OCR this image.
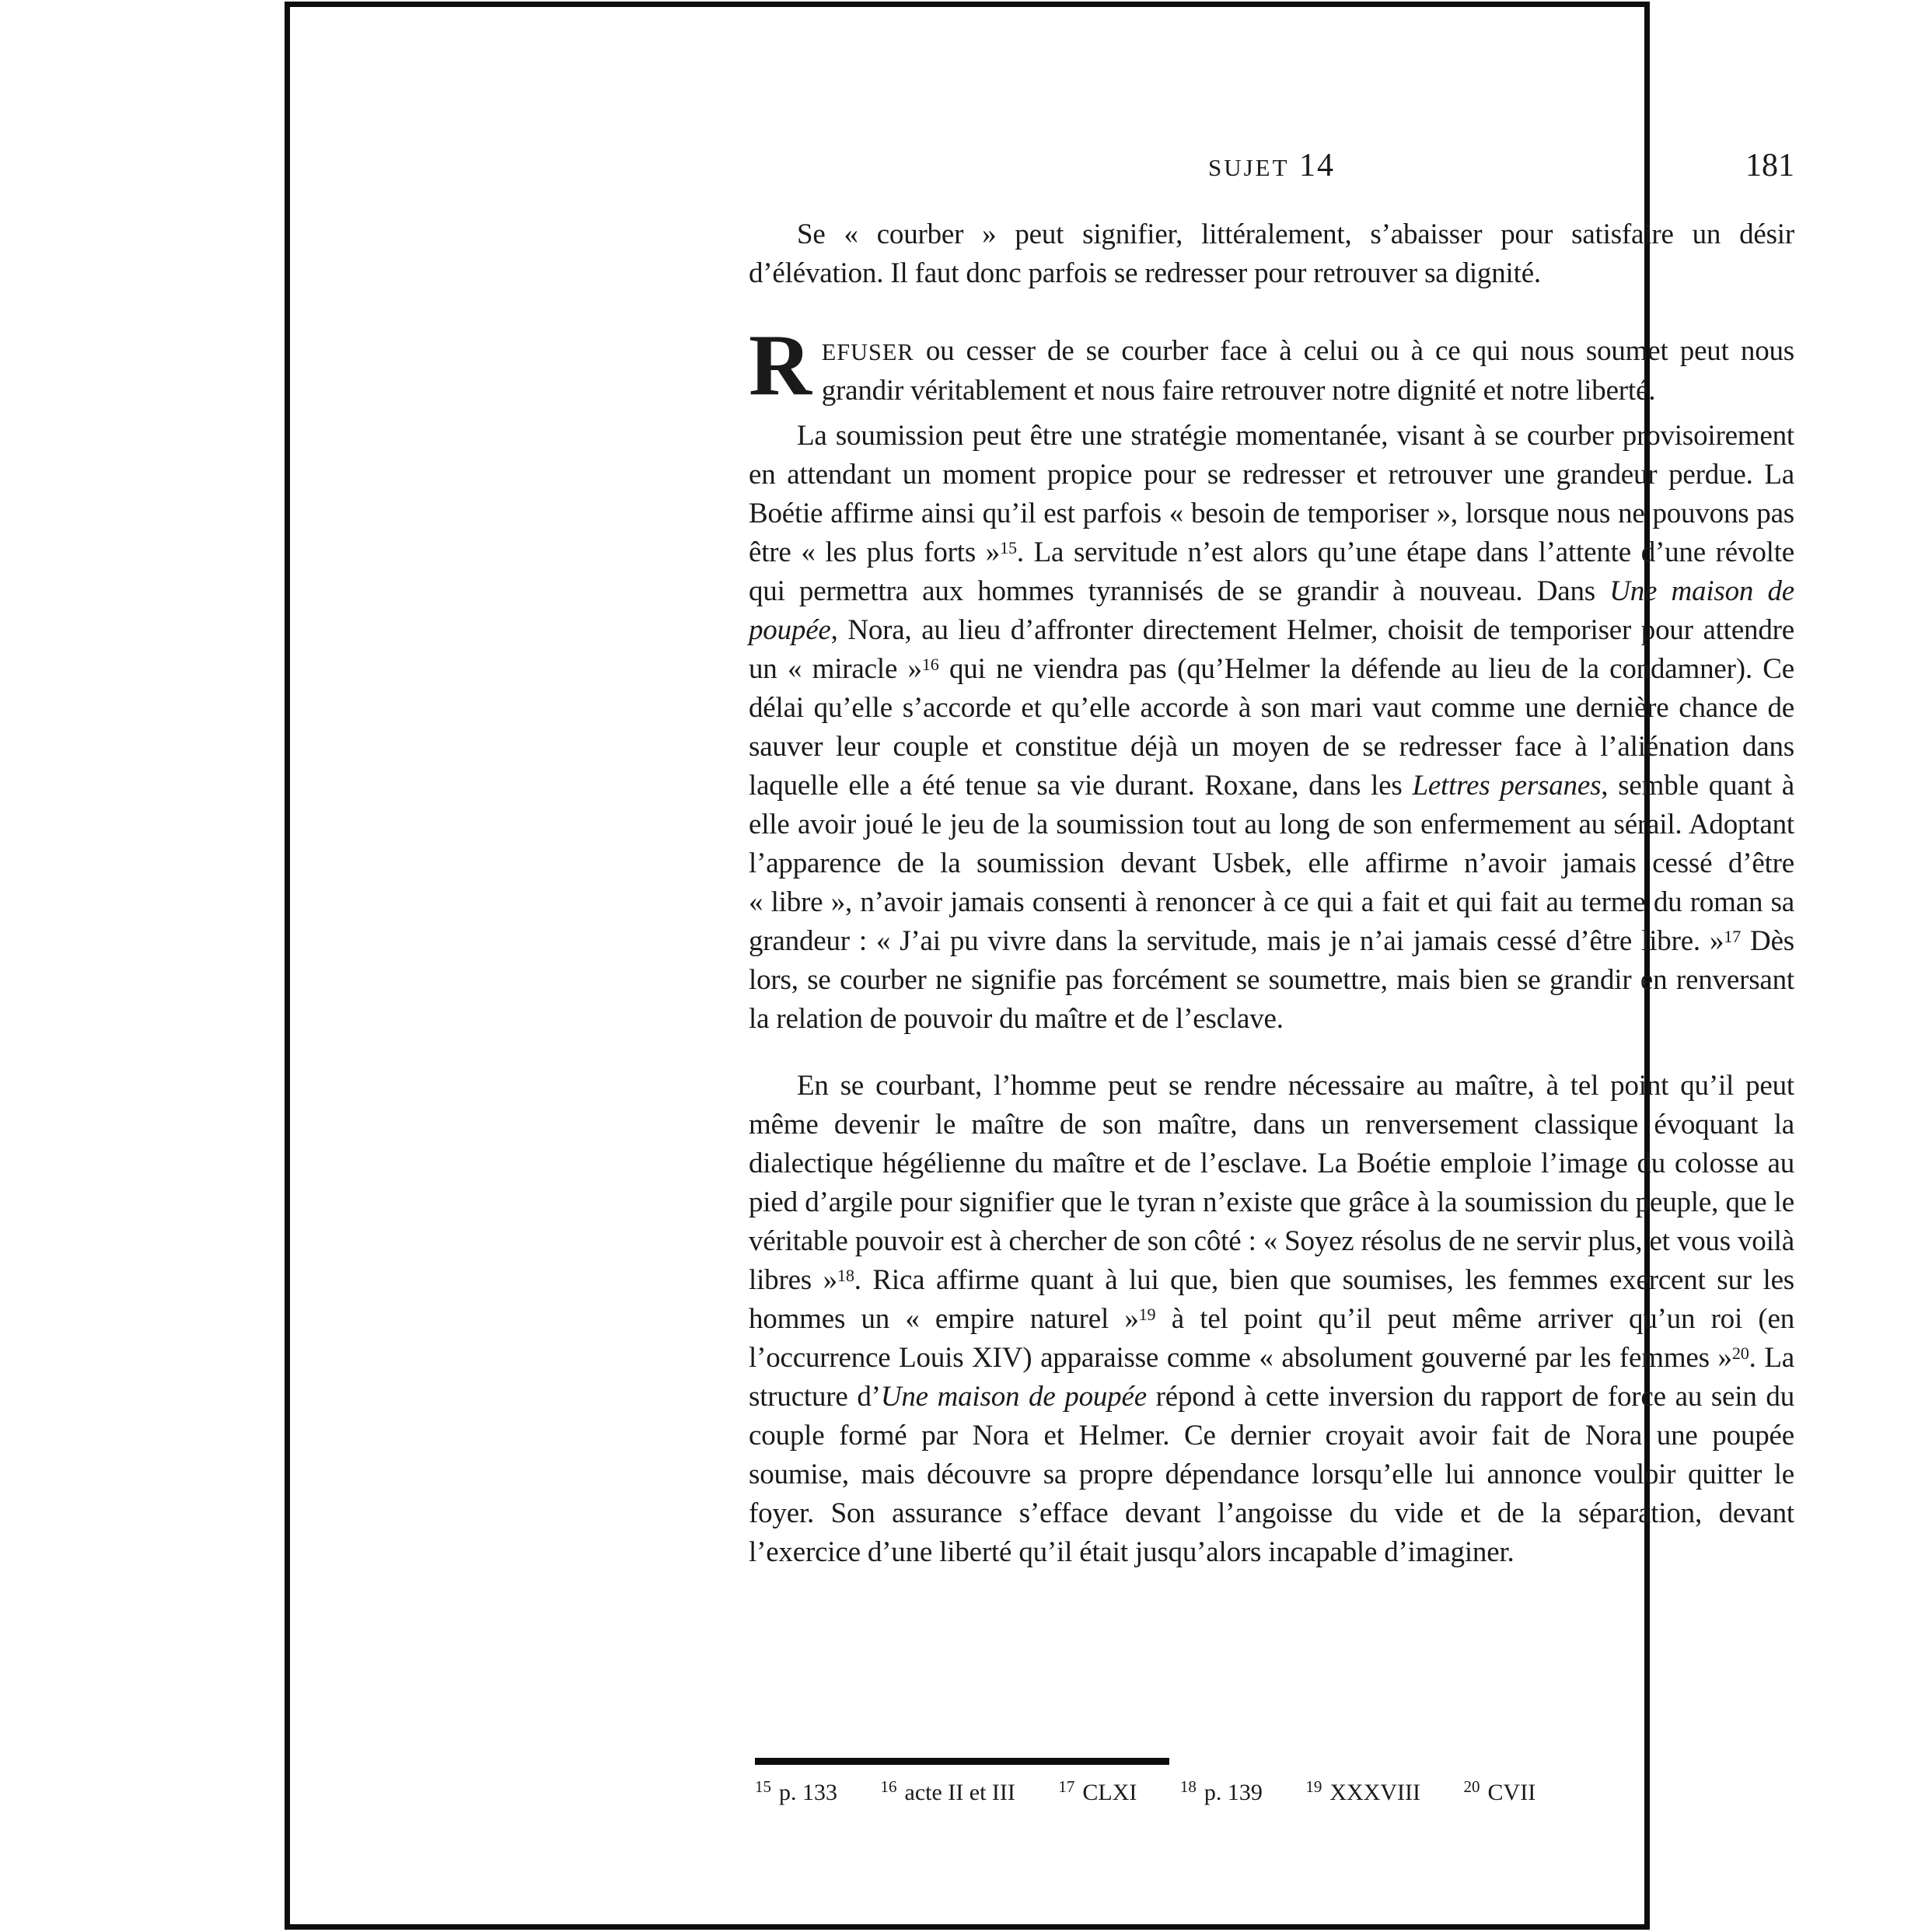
SUJET 14	181

Se « courber » peut signifier, littéralement, s’abaisser pour satisfaire un désir d’élévation. Il faut donc parfois se redresser pour retrouver sa dignité.

REFUSER ou cesser de se courber face à celui ou à ce qui nous soumet peut nous grandir véritablement et nous faire retrouver notre dignité et notre liberté.

La soumission peut être une stratégie momentanée, visant à se courber provisoirement en attendant un moment propice pour se redresser et retrouver une grandeur perdue. La Boétie affirme ainsi qu’il est parfois « besoin de temporiser », lorsque nous ne pouvons pas être « les plus forts »$^{15}$. La servitude n’est alors qu’une étape dans l’attente d’une révolte qui permettra aux hommes tyrannisés de se grandir à nouveau. Dans Une maison de poupée, Nora, au lieu d’affronter directement Helmer, choisit de temporiser pour attendre un « miracle »$^{16}$ qui ne viendra pas (qu’Helmer la défende au lieu de la condamner). Ce délai qu’elle s’accorde et qu’elle accorde à son mari vaut comme une dernière chance de sauver leur couple et constitue déjà un moyen de se redresser face à l’aliénation dans laquelle elle a été tenue sa vie durant. Roxane, dans les Lettres persanes, semble quant à elle avoir joué le jeu de la soumission tout au long de son enfermement au sérail. Adoptant l’apparence de la soumission devant Usbek, elle affirme n’avoir jamais cessé d’être « libre », n’avoir jamais consenti à renoncer à ce qui a fait et qui fait au terme du roman sa grandeur : « J’ai pu vivre dans la servitude, mais je n’ai jamais cessé d’être libre. »$^{17}$ Dès lors, se courber ne signifie pas forcément se soumettre, mais bien se grandir en renversant la relation de pouvoir du maître et de l’esclave.

En se courbant, l’homme peut se rendre nécessaire au maître, à tel point qu’il peut même devenir le maître de son maître, dans un renversement classique évoquant la dialectique hégélienne du maître et de l’esclave. La Boétie emploie l’image du colosse au pied d’argile pour signifier que le tyran n’existe que grâce à la soumission du peuple, que le véritable pouvoir est à chercher de son côté : « Soyez résolus de ne servir plus, et vous voilà libres »$^{18}$. Rica affirme quant à lui que, bien que soumises, les femmes exercent sur les hommes un « empire naturel »$^{19}$ à tel point qu’il peut même arriver qu’un roi (en l’occurrence Louis XIV) apparaisse comme « absolument gouverné par les femmes »$^{20}$. La structure d’Une maison de poupée répond à cette inversion du rapport de force au sein du couple formé par Nora et Helmer. Ce dernier croyait avoir fait de Nora une poupée soumise, mais découvre sa propre dépendance lorsqu’elle lui annonce vouloir quitter le foyer. Son assurance s’efface devant l’angoisse du vide et de la séparation, devant l’exercice d’une liberté qu’il était jusqu’alors incapable d’imaginer.

$^{15}$ p. 133	$^{16}$ acte II et III	$^{17}$ CLXI	$^{18}$ p. 139	$^{19}$ XXXVIII	$^{20}$ CVII
